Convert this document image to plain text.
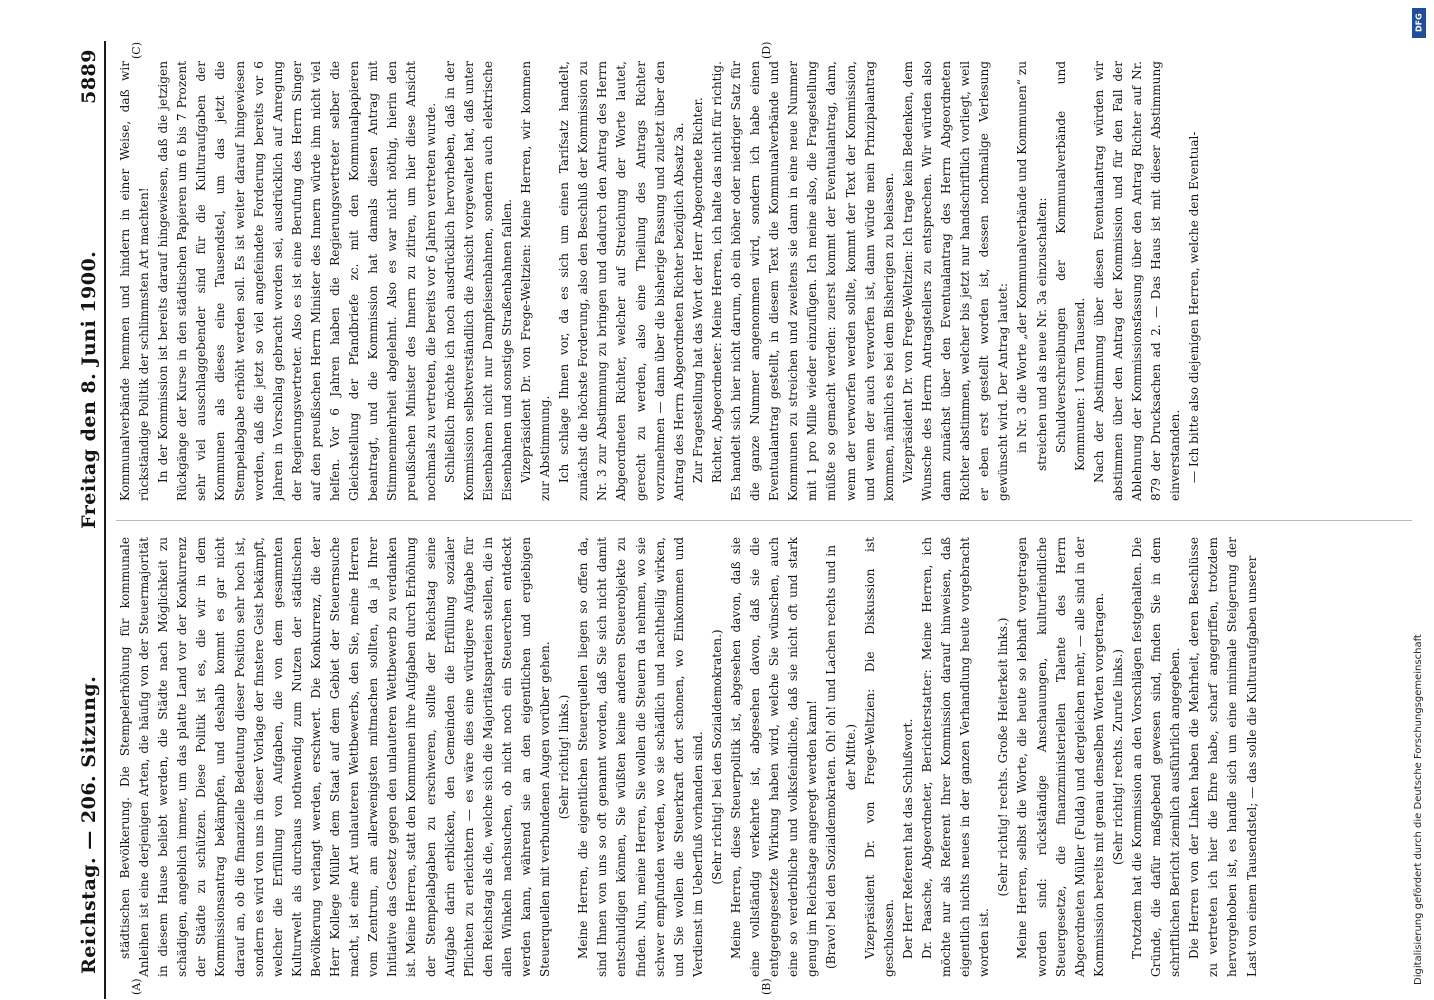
Reichstag. — 206. Sitzung.
Freitag den 8. Juni 1900.
5889
(A)	(B)
(C)	(D)

städtischen Bevölkerung. Die Stempelerhöhung für kommunale Anleihen ist eine derjenigen Arten, die häufig von der Steuermajorität in diesem Hause beliebt werden, die Städte nach Möglichkeit zu schädigen, angeblich immer, um das platte Land vor der Konkurrenz der Städte zu schützen. Diese Politik ist es, die wir in dem Kommissionsantrag bekämpfen, und deshalb kommt es gar nicht darauf an, ob die finanzielle Bedeutung dieser Position sehr hoch ist, sondern es wird von uns in dieser Vorlage der finstere Geist bekämpft, welcher die Erfüllung von Aufgaben, die von dem gesammten Kulturwelt als durchaus nothwendig zum Nutzen der städtischen Bevölkerung verlangt werden, erschwert. Die Konkurrenz, die der Herr Kollege Müller dem Staat auf dem Gebiet der Steuernsuche macht, ist eine Art unlauteren Wettbewerbs, den Sie, meine Herren vom Zentrum, am allerwenigsten mitmachen sollten, da ja Ihrer Initiative das Gesetz gegen den unlauteren Wettbewerb zu verdanken ist. Meine Herren, statt den Kommunen ihre Aufgaben durch Erhöhung der Stempelabgaben zu erschweren, sollte der Reichstag seine Aufgabe darin erblicken, den Gemeinden die Erfüllung sozialer Pflichten zu erleichtern — es wäre dies eine würdigere Aufgabe für den Reichstag als die, welche sich die Majoritätsparteien stellen, die in allen Winkeln nachsuchen, ob nicht noch ein Steuerchen entdeckt werden kann, während sie an den eigentlichen und ergiebigen Steuerquellen mit verbundenen Augen vorüber gehen. (Sehr richtig! links.) Meine Herren, die eigentlichen Steuerquellen liegen so offen da, sind Ihnen von uns so oft genannt worden, daß Sie sich nicht damit entschuldigen können, Sie wüßten keine anderen Steuerobjekte zu finden. Nun, meine Herren, Sie wollen die Steuern da nehmen, wo sie schwer empfunden werden, wo sie schädlich und nachtheilig wirken, und Sie wollen die Steuerkraft dort schonen, wo Einkommen und Verdienst im Ueberfluß vorhanden sind. (Sehr richtig! bei den Sozialdemokraten.) Meine Herren, diese Steuerpolitik ist, abgesehen davon, daß sie eine vollständig verkehrte ist, abgesehen davon, daß sie die entgegengesetzte Wirkung haben wird, welche Sie wünschen, auch eine so verderbliche und volksfeindliche, daß sie nicht oft und stark genug im Reichstage angeregt werden kann! (Bravo! bei den Sozialdemokraten. Oh! oh! und Lachen rechts und in der Mitte.) Vizepräsident Dr. von Frege-Weltzien: Die Diskussion ist geschlossen. Der Herr Referent hat das Schlußwort. Dr. Paasche, Abgeordneter, Berichterstatter: Meine Herren, ich möchte nur als Referent Ihrer Kommission darauf hinweisen, daß eigentlich nichts neues in der ganzen Verhandlung heute vorgebracht worden ist.

(Sehr richtig! rechts. Große Heiterkeit links.) Meine Herren, selbst die Worte, die heute so lebhaft vorgetragen worden sind: rückständige Anschauungen, kulturfeindliche Steuergesetze, die finanzministeriellen Talente des Herrn Abgeordneten Müller (Fulda) und dergleichen mehr, — alle sind in der Kommission bereits mit genau denselben Worten vorgetragen. (Sehr richtig! rechts. Zurufe links.) Trotzdem hat die Kommission an den Vorschlägen festgehalten. Die Gründe, die dafür maßgebend gewesen sind, finden Sie in dem schriftlichen Bericht ziemlich ausführlich angegeben. Die Herren von der Linken haben die Mehrheit, deren Beschlüsse zu vertreten ich hier die Ehre habe, scharf angegriffen, trotzdem hervorgehoben ist, es handle sich um eine minimale Steigerung der Last von einem Tausendstel; — das solle die Kulturaufgaben unserer

Kommunalverbände hemmen und hindern in einer Weise, daß wir rückständige Politik der schlimmsten Art machten! In der Kommission ist bereits darauf hingewiesen, daß die jetzigen Rückgänge der Kurse in den städtischen Papieren um 6 bis 7 Prozent sehr viel ausschlaggebender sind für die Kulturaufgaben der Kommunen als dieses eine Tausendstel, um das jetzt die Stempelabgabe erhöht werden soll. Es ist weiter darauf hingewiesen worden, daß die jetzt so viel angefeindete Forderung bereits vor 6 Jahren in Vorschlag gebracht worden sei, ausdrücklich auf Anregung der Regierungsvertreter. Also es ist eine Berufung des Herrn Singer auf den preußischen Herrn Minister des Innern würde ihm nicht viel helfen. Vor 6 Jahren haben die Regierungsvertreter selber die Gleichstellung der Pfandbriefe zc. mit den Kommunalpapieren beantragt, und die Kommission hat damals diesen Antrag mit Stimmenmehrheit abgelehnt. Also es war nicht nöthig, hierin den preußischen Minister des Innern zu zitiren, um hier diese Ansicht nochmals zu vertreten, die bereits vor 6 Jahren vertreten wurde. Schließlich möchte ich noch ausdrücklich hervorheben, daß in der Kommission selbstverständlich die Ansicht vorgewaltet hat, daß unter Eisenbahnen nicht nur Dampfeisenbahnen, sondern auch elektrische Eisenbahnen und sonstige Straßenbahnen fallen. Vizepräsident Dr. von Frege-Weltzien: Meine Herren, wir kommen zur Abstimmung. Ich schlage Ihnen vor, da es sich um einen Tarifsatz handelt, zunächst die höchste Forderung, also den Beschluß der Kommission zu Nr. 3 zur Abstimmung zu bringen und dadurch den Antrag des Herrn Abgeordneten Richter, welcher auf Streichung der Worte lautet, gerecht zu werden, also eine Theilung des Antrags Richter vorzunehmen — dann über die bisherige Fassung und zuletzt über den Antrag des Herrn Abgeordneten Richter bezüglich Absatz 3a. Zur Fragestellung hat das Wort der Herr Abgeordnete Richter. Richter, Abgeordneter: Meine Herren, ich halte das nicht für richtig. Es handelt sich hier nicht darum, ob ein höher oder niedriger Satz für die ganze Nummer angenommen wird, sondern ich habe einen Eventualantrag gestellt, in diesem Text die Kommunalverbände und Kommunen zu streichen und zweitens sie dann in eine neue Nummer mit 1 pro Mille wieder einzufügen. Ich meine also, die Fragestellung müßte so gemacht werden: zuerst kommt der Eventualantrag, dann, wenn der verworfen werden sollte, kommt der Text der Kommission, und wenn der auch verworfen ist, dann würde mein Prinzipalantrag kommen, nämlich es bei dem Bisherigen zu belassen. Vizepräsident Dr. von Frege-Weltzien: Ich trage kein Bedenken, dem Wunsche des Herrn Antragstellers zu entsprechen. Wir würden also dann zunächst über den Eventualantrag des Herrn Abgeordneten Richter abstimmen, welcher bis jetzt nur handschriftlich vorliegt, weil er eben erst gestellt worden ist, dessen nochmalige Verlesung gewünscht wird. Der Antrag lautet: in Nr. 3 die Worte „der Kommunalverbände und Kommunen“ zu streichen und als neue Nr. 3a einzuschalten: Schuldverschreibungen der Kommunalverbände und Kommunen: 1 vom Tausend. Nach der Abstimmung über diesen Eventualantrag würden wir abstimmen über den Antrag der Kommission und für den Fall der Ablehnung der Kommissionsfassung über den Antrag Richter auf Nr. 879 der Drucksachen ad 2. — Das Haus ist mit dieser Abstimmung einverstanden. — Ich bitte also diejenigen Herren, welche den Eventual-

DFG
Digitalisierung gefördert durch die Deutsche Forschungsgemeinschaft
